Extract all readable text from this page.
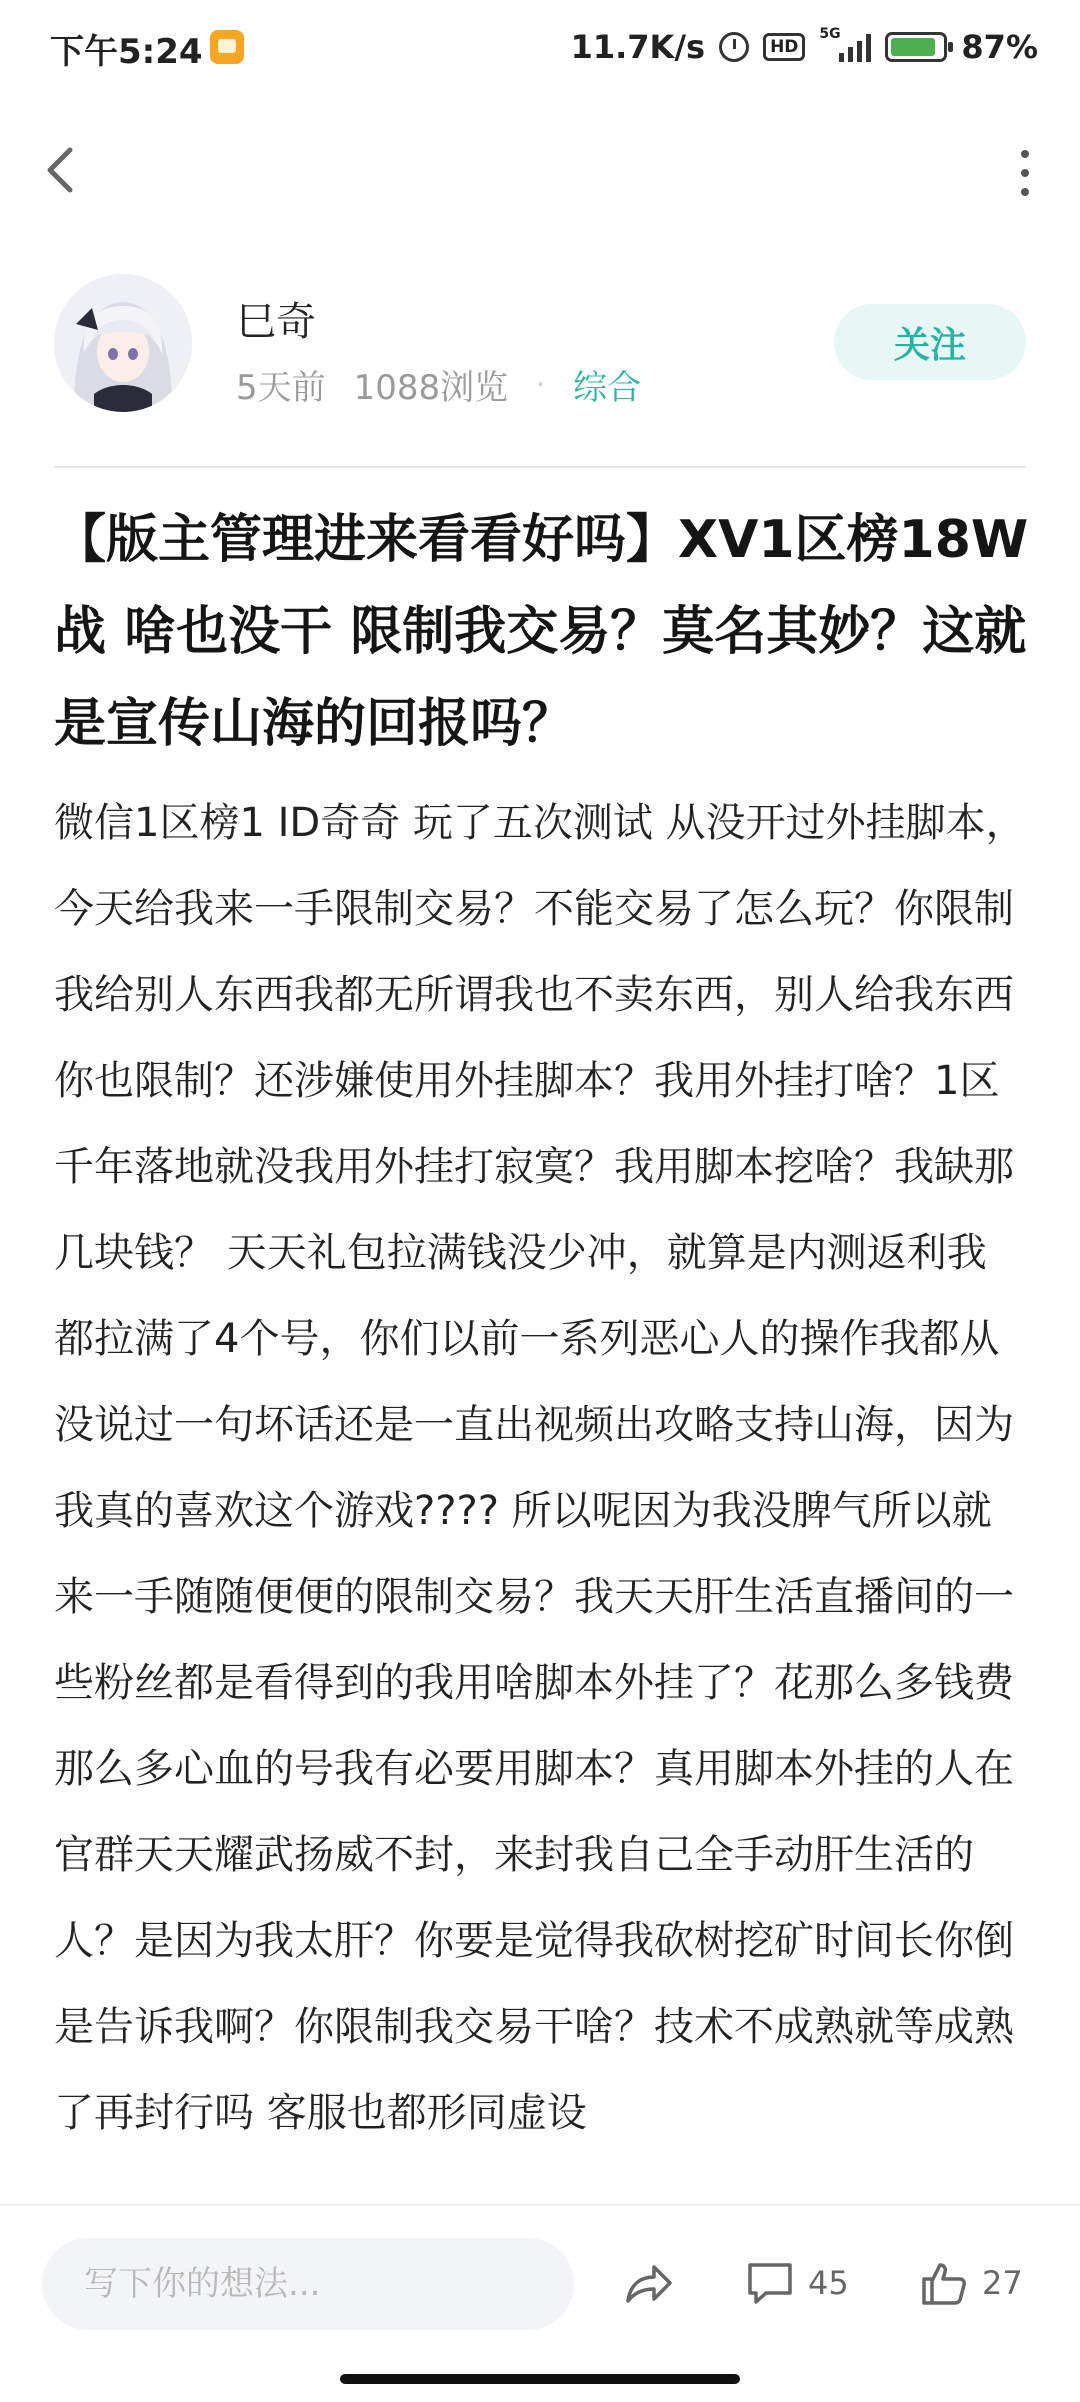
下午5:24	11.7K/s	HD
5G	87%
巳奇
5天前 1088浏览 · 综合
关注
【版主管理进来看看好吗】XV1区榜18W战 啥也没干 限制我交易？莫名其妙？这就是宣传山海的回报吗？

微信1区榜1 ID奇奇 玩了五次测试 从没开过外挂脚本，今天给我来一手限制交易？不能交易了怎么玩？你限制我给别人东西我都无所谓我也不卖东西，别人给我东西你也限制？还涉嫌使用外挂脚本？我用外挂打啥？1区千年落地就没我用外挂打寂寞？我用脚本挖啥？我缺那几块钱？ 天天礼包拉满钱没少冲，就算是内测返利我都拉满了4个号，你们以前一系列恶心人的操作我都从没说过一句坏话还是一直出视频出攻略支持山海，因为我真的喜欢这个游戏???? 所以呢因为我没脾气所以就来一手随随便便的限制交易？我天天肝生活直播间的一些粉丝都是看得到的我用啥脚本外挂了？花那么多钱费那么多心血的号我有必要用脚本？真用脚本外挂的人在官群天天耀武扬威不封，来封我自己全手动肝生活的人？是因为我太肝？你要是觉得我砍树挖矿时间长你倒是告诉我啊？你限制我交易干啥？技术不成熟就等成熟了再封行吗 客服也都形同虚设

写下你的想法...
45	27
